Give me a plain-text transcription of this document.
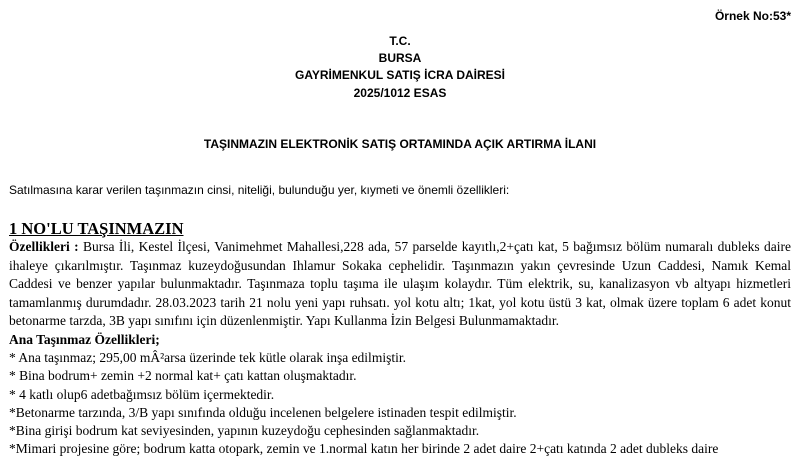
Örnek No:53*
T.C.
BURSA
GAYRİMENKUL SATIŞ İCRA DAİRESİ
2025/1012 ESAS
TAŞINMAZIN ELEKTRONİK SATIŞ ORTAMINDA AÇIK ARTIRMA İLANI
Satılmasına karar verilen taşınmazın cinsi, niteliği, bulunduğu yer, kıymeti ve önemli özellikleri:
1 NO'LU TAŞINMAZIN

Özellikleri : Bursa İli, Kestel İlçesi, Vanimehmet Mahallesi,228 ada, 57 parselde kayıtlı,2+çatı kat, 5 bağımsız bölüm numaralı dubleks daire ihaleye çıkarılmıştır. Taşınmaz kuzeydoğusundan Ihlamur Sokaka cephelidir. Taşınmazın yakın çevresinde Uzun Caddesi, Namık Kemal Caddesi ve benzer yapılar bulunmaktadır. Taşınmaza toplu taşıma ile ulaşım kolaydır. Tüm elektrik, su, kanalizasyon vb altyapı hizmetleri tamamlanmış durumdadır. 28.03.2023 tarih 21 nolu yeni yapı ruhsatı. yol kotu altı; 1kat, yol kotu üstü 3 kat, olmak üzere toplam 6 adet konut betonarme tarzda, 3B yapı sınıfını için düzenlenmiştir. Yapı Kullanma İzin Belgesi Bulunmamaktadır.

Ana Taşınmaz Özellikleri;
* Ana taşınmaz; 295,00 mÂ²arsa üzerinde tek kütle olarak inşa edilmiştir.
* Bina bodrum+ zemin +2 normal kat+ çatı kattan oluşmaktadır.
* 4 katlı olup6 adetbağımsız bölüm içermektedir.
*Betonarme tarzında, 3/B yapı sınıfında olduğu incelenen belgelere istinaden tespit edilmiştir.
*Bina girişi bodrum kat seviyesinden, yapının kuzeydoğu cephesinden sağlanmaktadır.
*Mimari projesine göre; bodrum katta otopark, zemin ve 1.normal katın her birinde 2 adet daire 2+çatı katında 2 adet dubleks daire
